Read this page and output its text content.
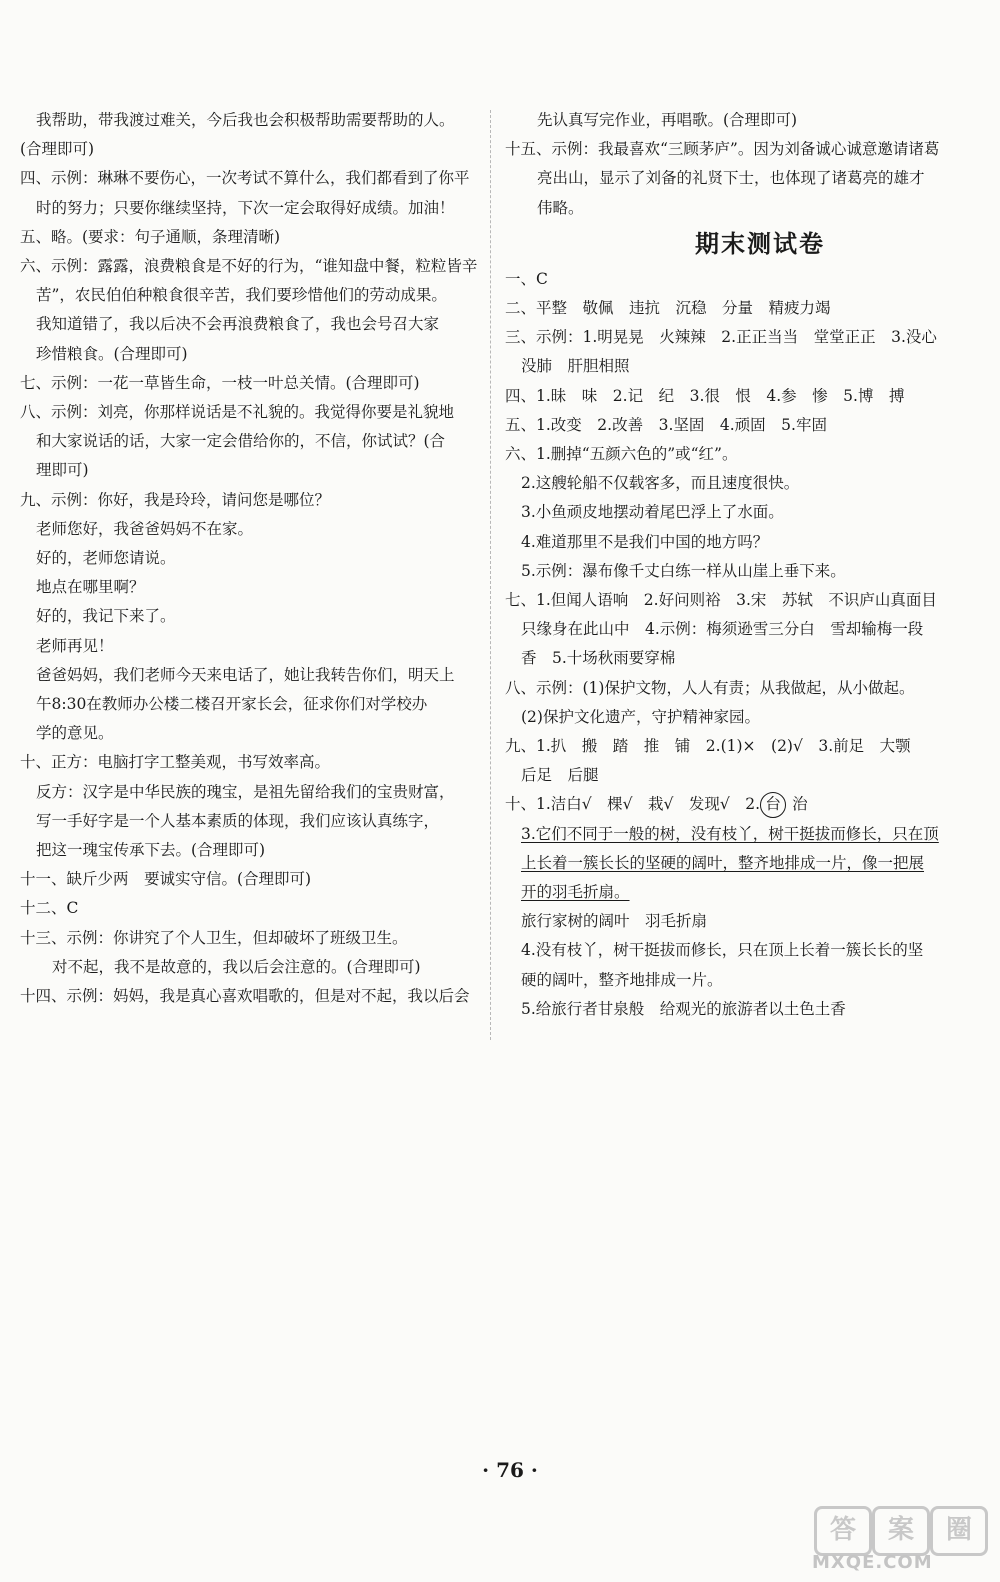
我帮助，带我渡过难关，今后我也会积极帮助需要帮助的人。
(合理即可)
四、示例：琳琳不要伤心，一次考试不算什么，我们都看到了你平
时的努力；只要你继续坚持，下次一定会取得好成绩。加油！
五、略。(要求：句子通顺，条理清晰)
六、示例：露露，浪费粮食是不好的行为，“谁知盘中餐，粒粒皆辛
苦”，农民伯伯种粮食很辛苦，我们要珍惜他们的劳动成果。
我知道错了，我以后决不会再浪费粮食了，我也会号召大家
珍惜粮食。(合理即可)
七、示例：一花一草皆生命，一枝一叶总关情。(合理即可)
八、示例：刘亮，你那样说话是不礼貌的。我觉得你要是礼貌地
和大家说话的话，大家一定会借给你的，不信，你试试？(合
理即可)
九、示例：你好，我是玲玲，请问您是哪位？
老师您好，我爸爸妈妈不在家。
好的，老师您请说。
地点在哪里啊？
好的，我记下来了。
老师再见！
爸爸妈妈，我们老师今天来电话了，她让我转告你们，明天上
午8:30在教师办公楼二楼召开家长会，征求你们对学校办
学的意见。
十、正方：电脑打字工整美观，书写效率高。
反方：汉字是中华民族的瑰宝，是祖先留给我们的宝贵财富，
写一手好字是一个人基本素质的体现，我们应该认真练字，
把这一瑰宝传承下去。(合理即可)
十一、缺斤少两　要诚实守信。(合理即可)
十二、C
十三、示例：你讲究了个人卫生，但却破坏了班级卫生。
对不起，我不是故意的，我以后会注意的。(合理即可)
十四、示例：妈妈，我是真心喜欢唱歌的，但是对不起，我以后会
先认真写完作业，再唱歌。(合理即可)
十五、示例：我最喜欢“三顾茅庐”。因为刘备诚心诚意邀请诸葛
亮出山，显示了刘备的礼贤下士，也体现了诸葛亮的雄才
伟略。
期末测试卷
一、C
二、平整　敬佩　违抗　沉稳　分量　精疲力竭
三、示例：1.明晃晃　火辣辣　2.正正当当　堂堂正正　3.没心
没肺　肝胆相照
四、1.昧　味　2.记　纪　3.很　恨　4.参　惨　5.博　搏
五、1.改变　2.改善　3.坚固　4.顽固　5.牢固
六、1.删掉“五颜六色的”或“红”。
2.这艘轮船不仅载客多，而且速度很快。
3.小鱼顽皮地摆动着尾巴浮上了水面。
4.难道那里不是我们中国的地方吗？
5.示例：瀑布像千丈白练一样从山崖上垂下来。
七、1.但闻人语响　2.好问则裕　3.宋　苏轼　不识庐山真面目
只缘身在此山中　4.示例：梅须逊雪三分白　雪却输梅一段
香　5.十场秋雨要穿棉
八、示例：(1)保护文物，人人有责；从我做起，从小做起。
(2)保护文化遗产，守护精神家园。
九、1.扒　搬　踏　推　铺　2.(1)×　(2)√　3.前足　大颚
后足　后腿
十、1.洁白√　棵√　栽√　发现√　2. 台 治
3.它们不同于一般的树，没有枝丫，树干挺拔而修长，只在顶
上长着一簇长长的坚硬的阔叶，整齐地排成一片，像一把展
开的羽毛折扇。
旅行家树的阔叶　羽毛折扇
4.没有枝丫，树干挺拔而修长，只在顶上长着一簇长长的坚
硬的阔叶，整齐地排成一片。
5.给旅行者甘泉般　给观光的旅游者以土色土香
· 76 ·
答	案	圈
MXQE.COM
